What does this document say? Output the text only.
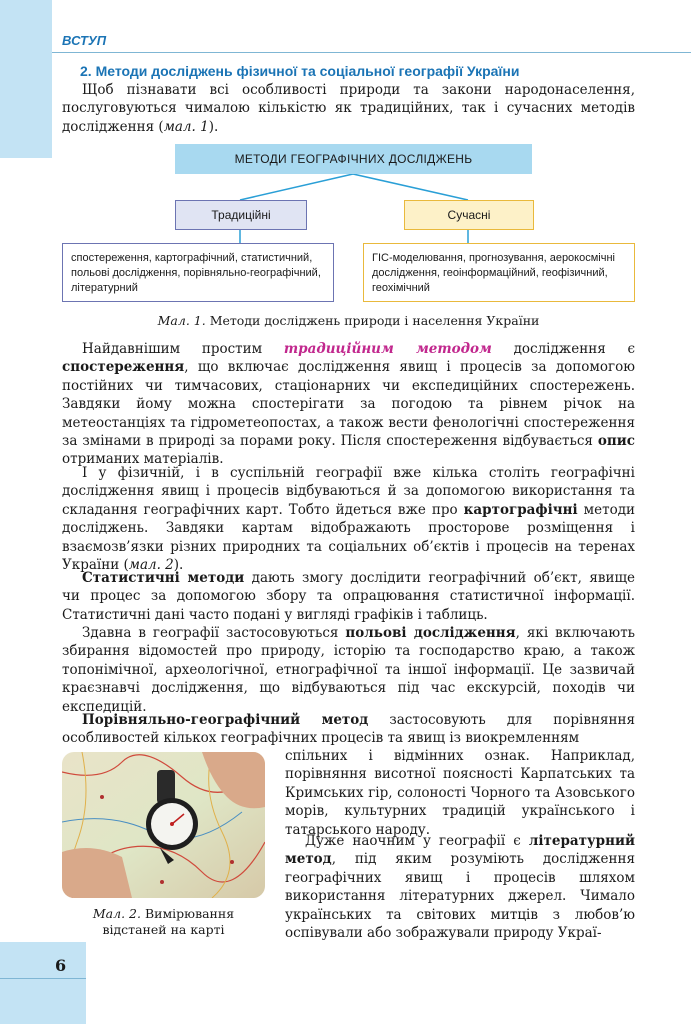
ВСТУП
2. Методи досліджень фізичної та соціальної географії України

Щоб пізнавати всі особливості природи та закони народонаселення, послуговуються чималою кількістю як традиційних, так і сучасних методів дослідження (мал. 1).

МЕТОДИ ГЕОГРАФІЧНИХ ДОСЛІДЖЕНЬ
Традиційні	Сучасні
спостереження, картографічний, статистичний, польові дослідження, порівняльно-географічний, літературний
ГІС-моделювання, прогнозування, аерокосмічні дослідження, геоінформаційний, геофізичний, геохімічний
Мал. 1. Методи досліджень природи і населення України

Найдавнішим простим традиційним методом дослідження є спостереження, що включає дослідження явищ і процесів за допомогою постійних чи тимчасових, стаціонарних чи експедиційних спостережень. Завдяки йому можна спостерігати за погодою та рівнем річок на метеостанціях та гідрометеопостах, а також вести фенологічні спостереження за змінами в природі за порами року. Після спостереження відбувається опис отриманих матеріалів.

І у фізичній, і в суспільній географії вже кілька століть географічні дослідження явищ і процесів відбуваються й за допомогою використання та складання географічних карт. Тобто йдеться вже про картографічні методи досліджень. Завдяки картам відображають просторове розміщення і взаємозв’язки різних природних та соціальних об’єктів і процесів на теренах України (мал. 2).

Статистичні методи дають змогу дослідити географічний об’єкт, явище чи процес за допомогою збору та опрацювання статистичної інформації. Статистичні дані часто подані у вигляді графіків і таблиць.

Здавна в географії застосовуються польові дослідження, які включають збирання відомостей про природу, історію та господарство краю, а також топонімічної, археологічної, етнографічної та іншої інформації. Це зазвичай краєзнавчі дослідження, що відбуваються під час екскурсій, походів чи експедицій.

Порівняльно-географічний метод застосовують для порівняння особливостей кількох географічних процесів та явищ із виокремленням

спільних і відмінних ознак. Наприклад, порівняння висотної поясності Карпатських та Кримських гір, солоності Чорного та Азовського морів, культурних традицій українського і татарського народу.

Дуже наочним у географії є літературний метод, під яким розуміють дослідження географічних явищ і процесів шляхом використання літературних джерел. Чимало українських та світових митців з любов’ю оспівували або зображували природу Украї-

Мал. 2. Вимірювання відстаней на карті
6
